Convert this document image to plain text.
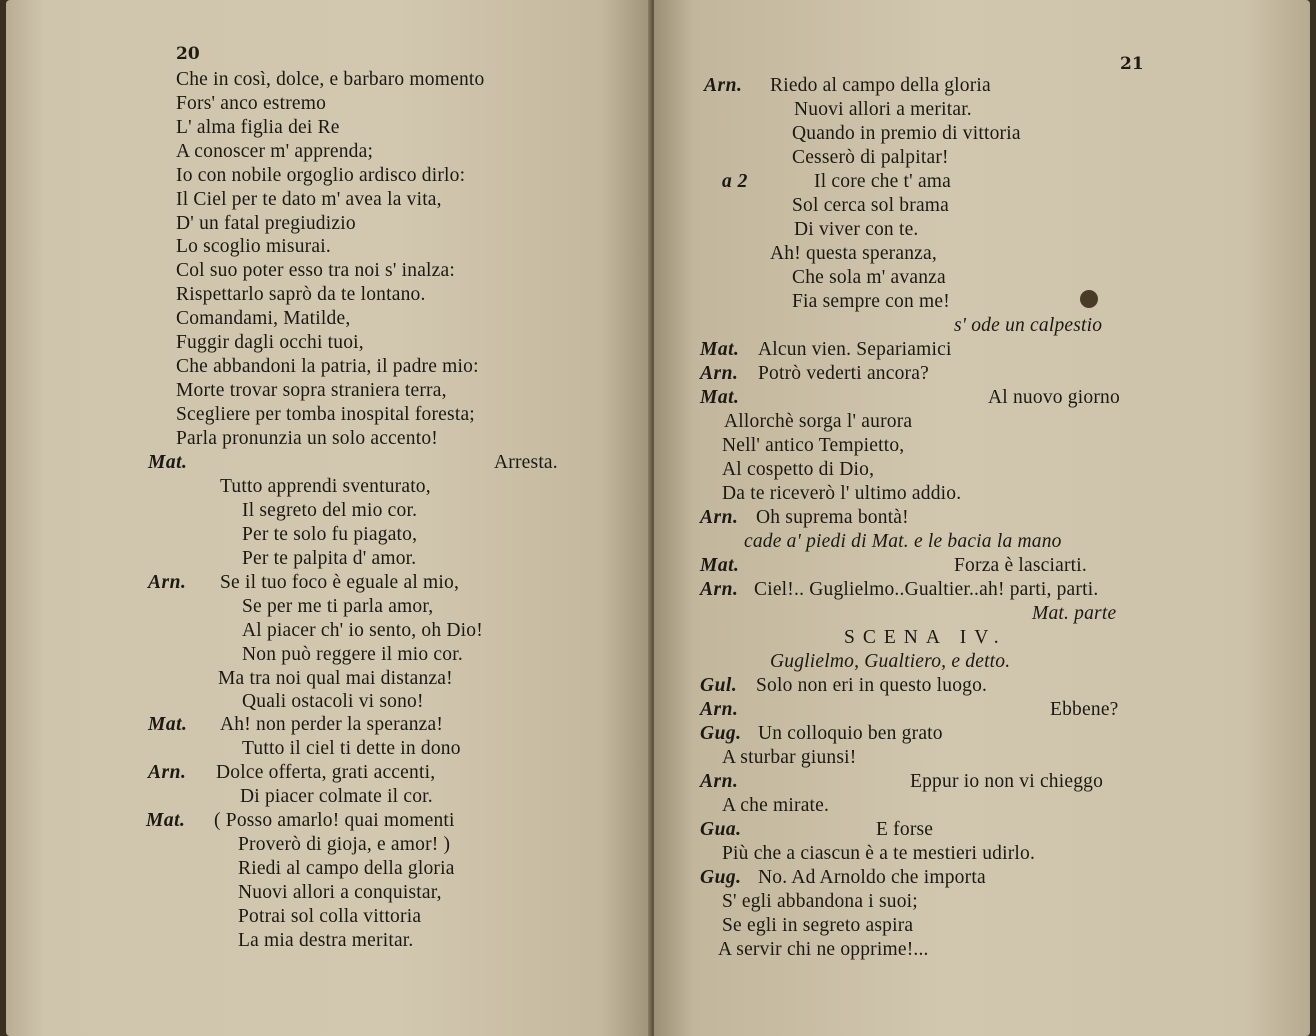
20
Che in così, dolce, e barbaro momento
Fors' anco estremo
L' alma figlia dei Re
A conoscer m' apprenda;
Io con nobile orgoglio ardisco dirlo:
Il Ciel per te dato m' avea la vita,
D' un fatal pregiudizio
Lo scoglio misurai.
Col suo poter esso tra noi s' inalza:
Rispettarlo saprò da te lontano.
Comandami, Matilde,
Fuggir dagli occhi tuoi,
Che abbandoni la patria, il padre mio:
Morte trovar sopra straniera terra,
Scegliere per tomba inospital foresta;
Parla pronunzia un solo accento!
Mat.	Arresta.
Tutto apprendi sventurato,
Il segreto del mio cor.
Per te solo fu piagato,
Per te palpita d' amor.
Arn. Se il tuo foco è eguale al mio,
Se per me ti parla amor,
Al piacer ch' io sento, oh Dio!
Non può reggere il mio cor.
Ma tra noi qual mai distanza!
Quali ostacoli vi sono!
Mat. Ah! non perder la speranza!
Tutto il ciel ti dette in dono
Arn. Dolce offerta, grati accenti,
Di piacer colmate il cor.
Mat. ( Posso amarlo! quai momenti
Proverò di gioja, e amor! )
Riedi al campo della gloria
Nuovi allori a conquistar,
Potrai sol colla vittoria
La mia destra meritar.
21
Arn. Riedo al campo della gloria
Nuovi allori a meritar.
Quando in premio di vittoria
Cesserò di palpitar!
a 2	Il core che t' ama
Sol cerca sol brama
Di viver con te.
Ah! questa speranza,
Che sola m' avanza
Fia sempre con me!
s' ode un calpestio
Mat. Alcun vien. Separiamici
Arn. Potrò vederti ancora?
Mat.	Al nuovo giorno
Allorchè sorga l' aurora
Nell' antico Tempietto,
Al cospetto di Dio,
Da te riceverò l' ultimo addio.
Arn. Oh suprema bontà!
cade a' piedi di Mat. e le bacia la mano
Mat.	Forza è lasciarti.
Arn. Ciel!.. Guglielmo..Gualtier..ah! parti, parti.
Mat. parte
SCENA IV.
Guglielmo, Gualtiero, e detto.
Gul. Solo non eri in questo luogo.
Arn.	Ebbene?
Gug. Un colloquio ben grato
A sturbar giunsi!
Arn.	Eppur io non vi chieggo
A che mirate.
Gua.	E forse
Più che a ciascun è a te mestieri udirlo.
Gug. No. Ad Arnoldo che importa
S' egli abbandona i suoi;
Se egli in segreto aspira
A servir chi ne opprime!...
